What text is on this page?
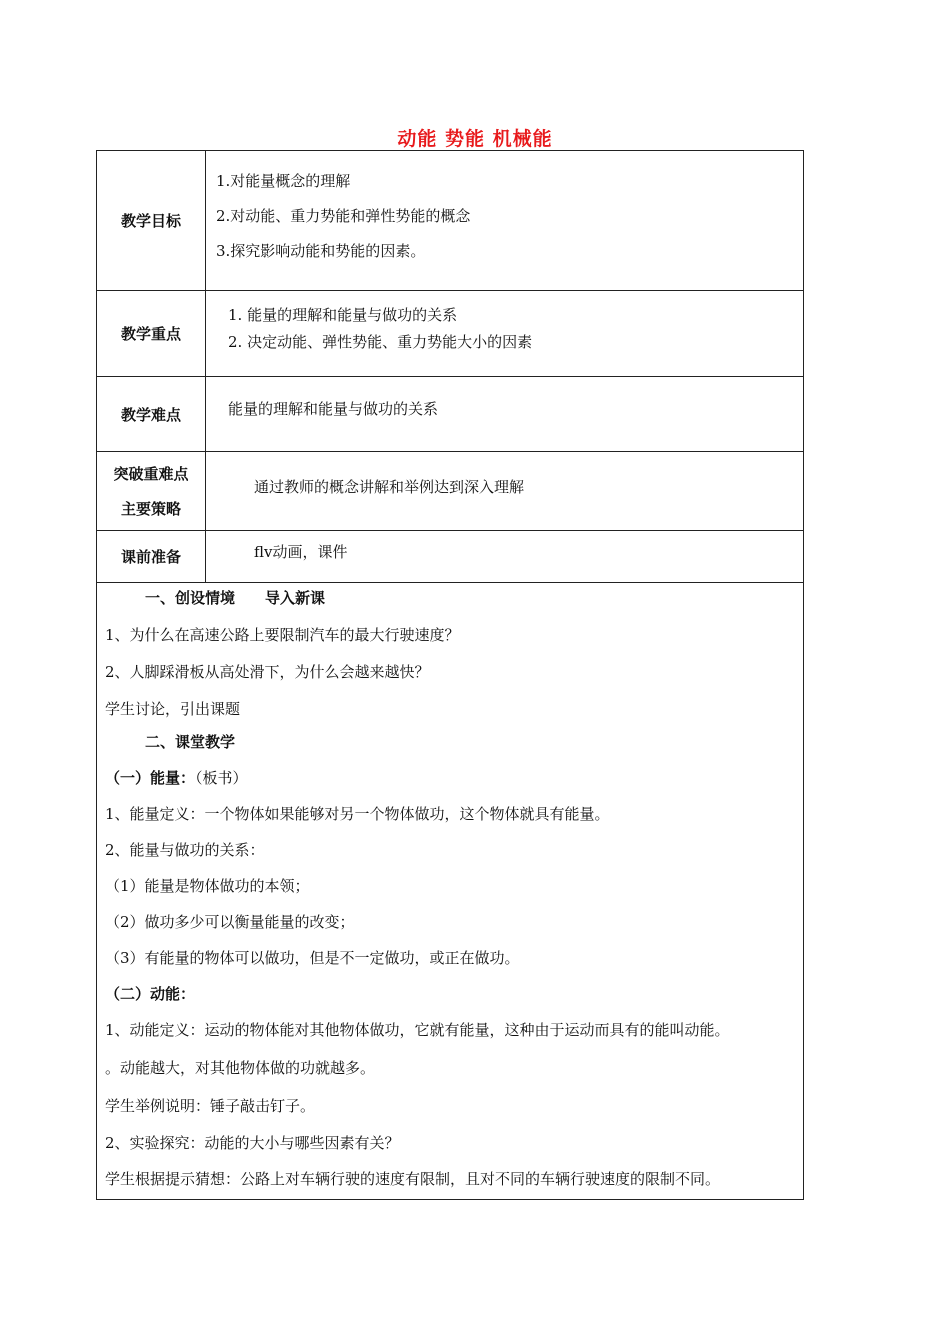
动能 势能 机械能
教学目标
1.对能量概念的理解
2.对动能、重力势能和弹性势能的概念
3.探究影响动能和势能的因素。
教学重点
1. 能量的理解和能量与做功的关系
2. 决定动能、弹性势能、重力势能大小的因素
教学难点	能量的理解和能量与做功的关系
突破重难点
主要策略
通过教师的概念讲解和举例达到深入理解
课前准备	flv动画，课件
一、创设情境　　导入新课
1、为什么在高速公路上要限制汽车的最大行驶速度？
2、人脚踩滑板从高处滑下，为什么会越来越快？
学生讨论，引出课题
二、课堂教学
（一）能量：（板书）
1、能量定义：一个物体如果能够对另一个物体做功，这个物体就具有能量。
2、能量与做功的关系：
（1）能量是物体做功的本领；
（2）做功多少可以衡量能量的改变；
（3）有能量的物体可以做功，但是不一定做功，或正在做功。
（二）动能：
1、动能定义：运动的物体能对其他物体做功，它就有能量，这种由于运动而具有的能叫动能。
。动能越大，对其他物体做的功就越多。
学生举例说明：锤子敲击钉子。
2、实验探究：动能的大小与哪些因素有关？
学生根据提示猜想：公路上对车辆行驶的速度有限制，且对不同的车辆行驶速度的限制不同。
